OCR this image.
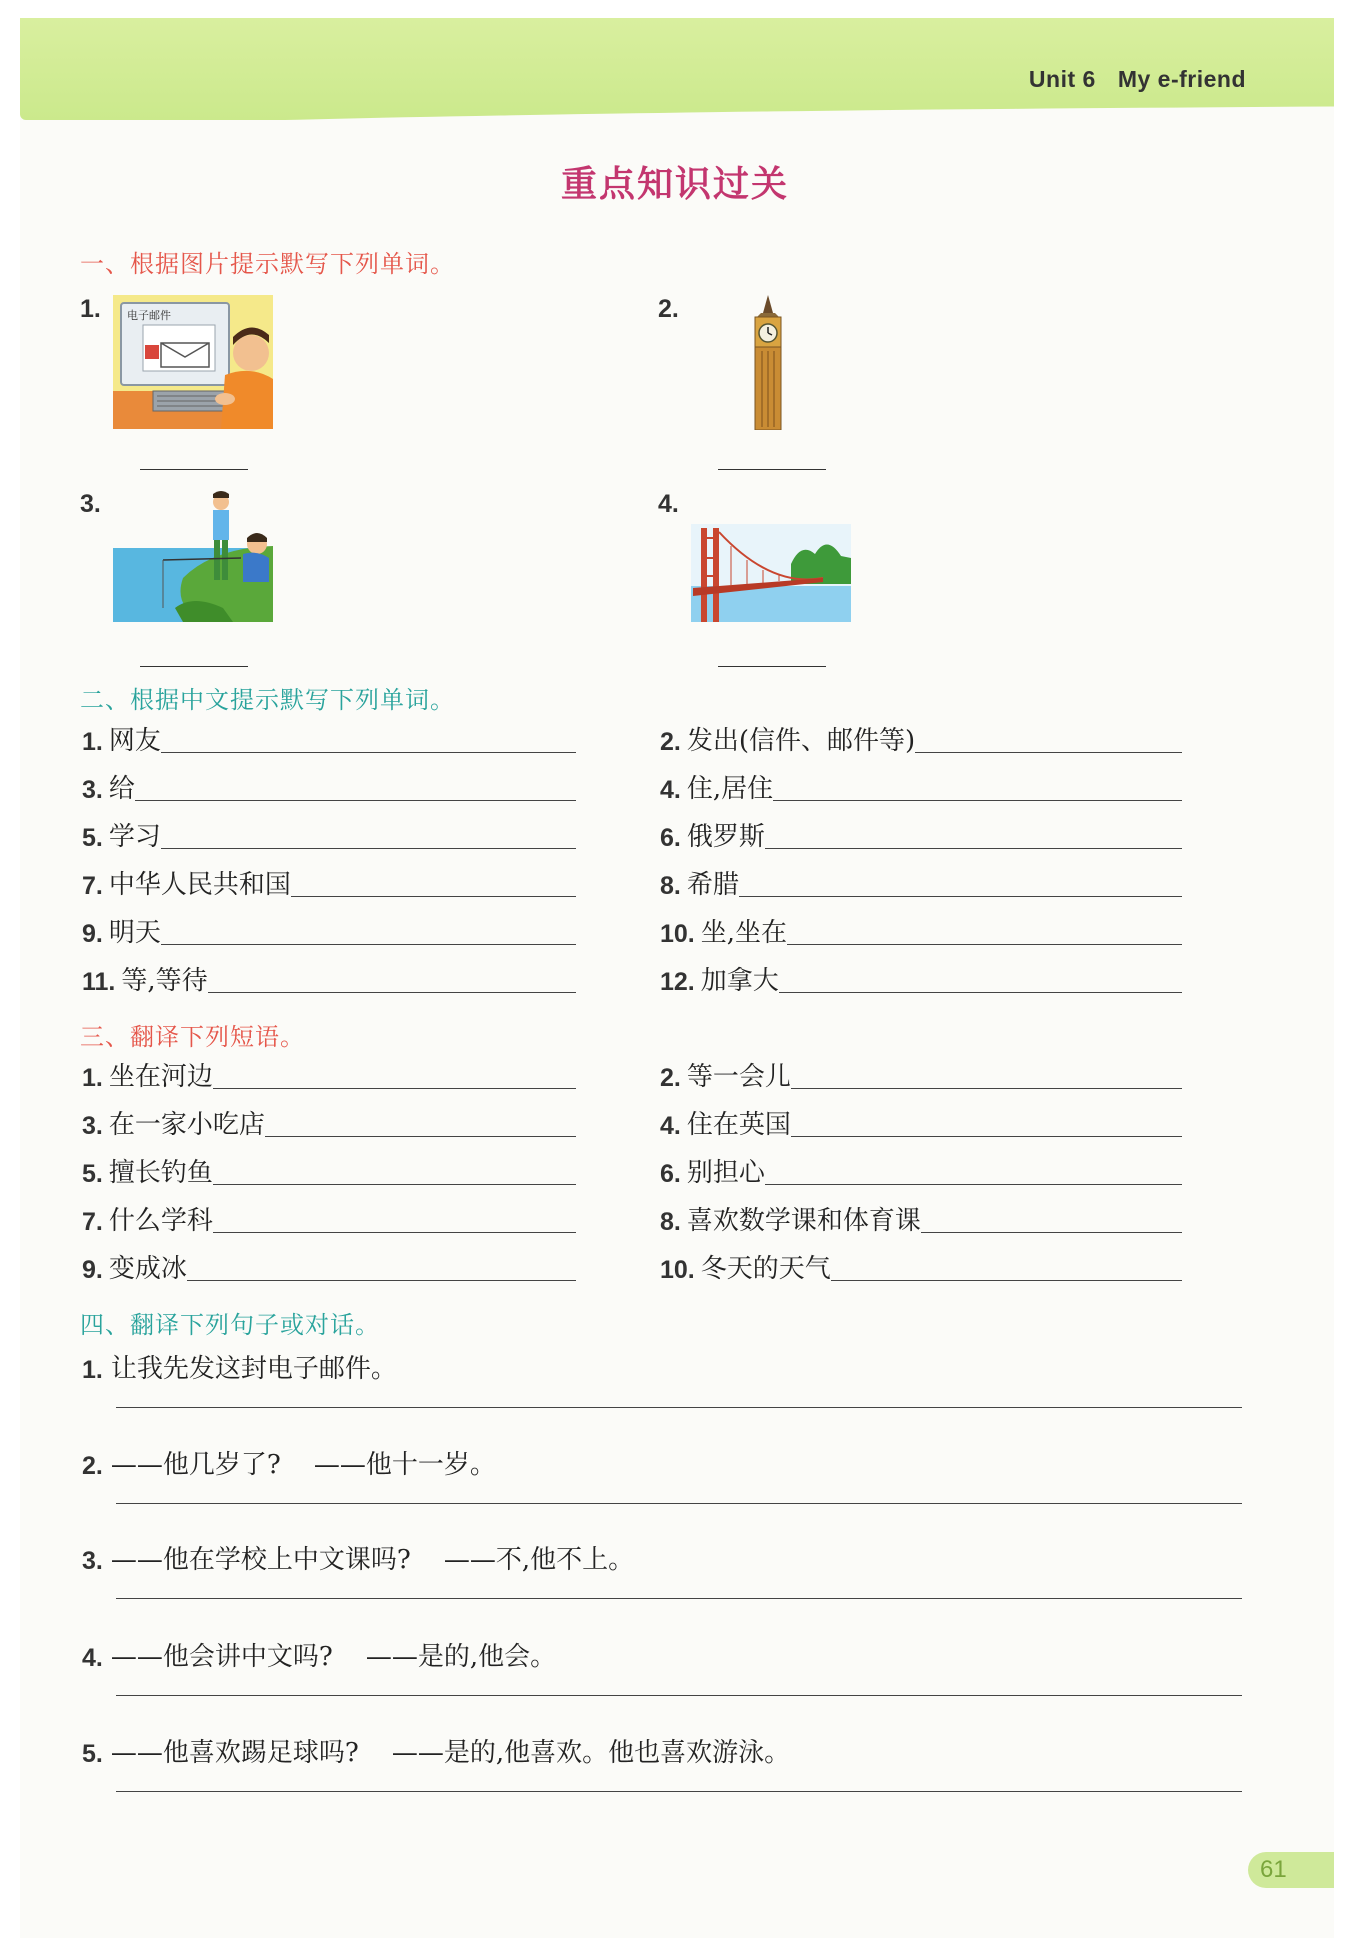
Unit 6 My e-friend
重点知识过关
一、根据图片提示默写下列单词。
1. 电子邮件	2.
3.	4.
二、根据中文提示默写下列单词。
1. 网友	2. 发出(信件、邮件等)
3. 给	4. 住,居住
5. 学习	6. 俄罗斯
7. 中华人民共和国	8. 希腊
9. 明天	10. 坐,坐在
11. 等,等待	12. 加拿大
三、翻译下列短语。
1. 坐在河边	2. 等一会儿
3. 在一家小吃店	4. 住在英国
5. 擅长钓鱼	6. 别担心
7. 什么学科	8. 喜欢数学课和体育课
9. 变成冰	10. 冬天的天气
四、翻译下列句子或对话。
1. 让我先发这封电子邮件。
2. ——他几岁了?    ——他十一岁。
3. ——他在学校上中文课吗?    ——不,他不上。
4. ——他会讲中文吗?    ——是的,他会。
5. ——他喜欢踢足球吗?    ——是的,他喜欢。他也喜欢游泳。
61
